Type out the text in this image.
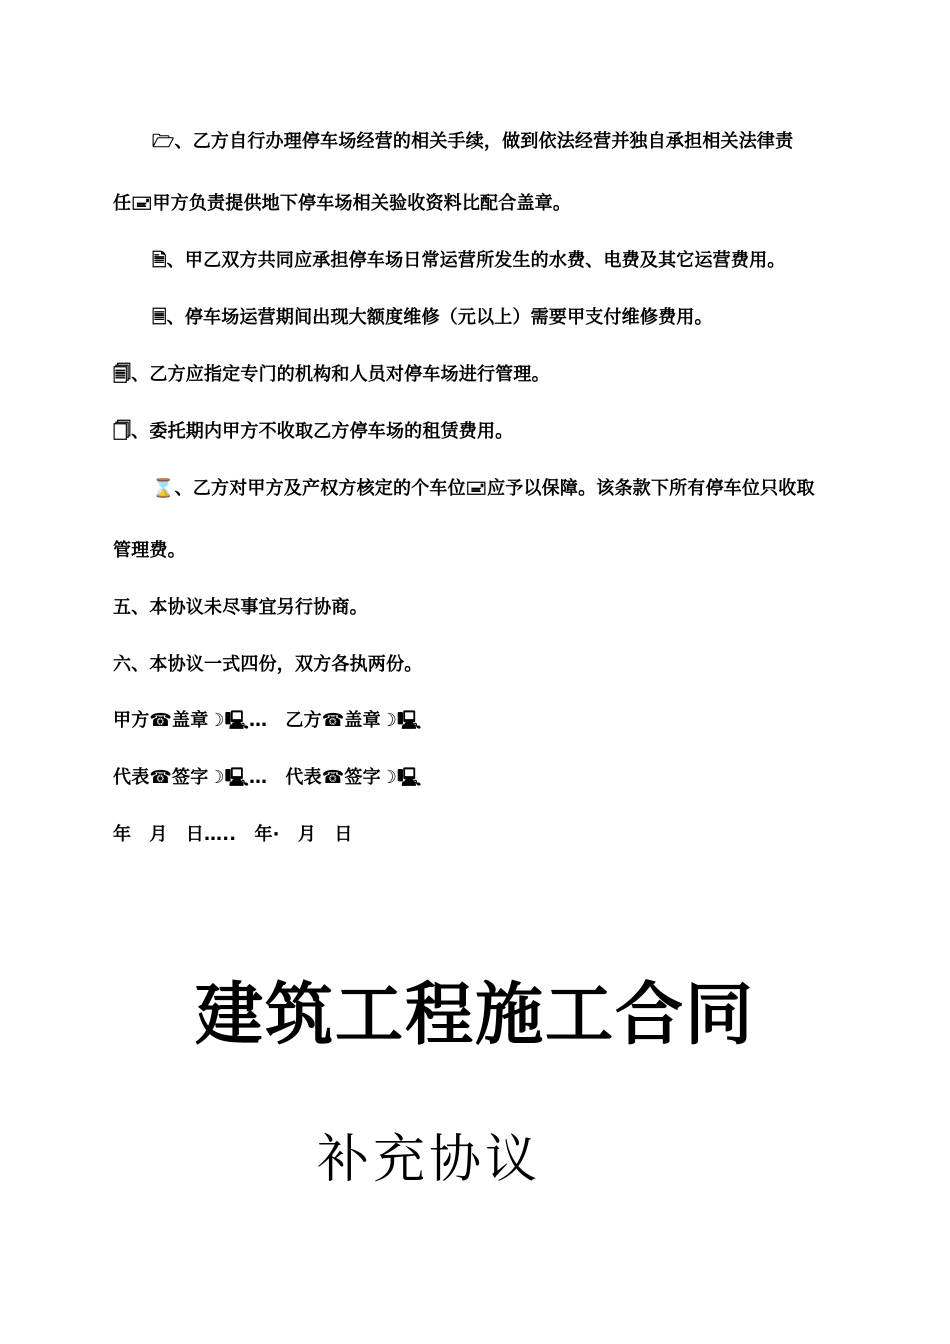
🗁、乙方自行办理停车场经营的相关手续，做到依法经营并独自承担相关法律责
任🖃甲方负责提供地下停车场相关验收资料比配合盖章。
🗎、甲乙双方共同应承担停车场日常运营所发生的水费、电费及其它运营费用。
🗏、停车场运营期间出现大额度维修（元以上）需要甲支付维修费用。
🗐、乙方应指定专门的机构和人员对停车场进行管理。
🗍、委托期内甲方不收取乙方停车场的租赁费用。
⌛、乙方对甲方及产权方核定的个车位🖃应予以保障。该条款下所有停车位只收取
管理费。
五、本协议未尽事宜另行协商。
六、本协议一式四份，双方各执两份。
甲方☎盖章☽🖳…　乙方☎盖章☽🖳
代表☎签字☽🖳…　代表☎签字☽🖳
年　月　日…..　年·　月　日
建筑工程施工合同
补充协议
